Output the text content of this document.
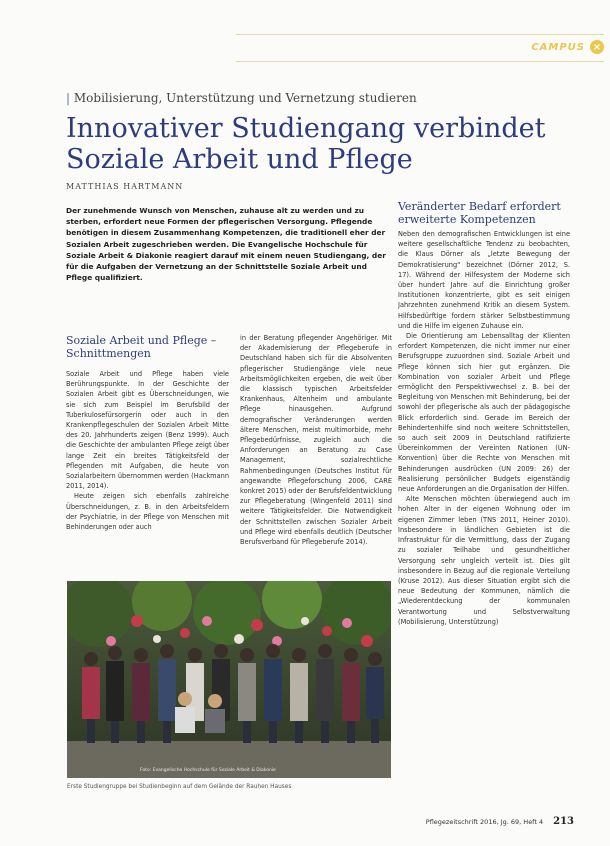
CAMPUS ×
| Mobilisierung, Unterstützung und Vernetzung studieren
Innovativer Studiengang verbindet Soziale Arbeit und Pflege
MATTHIAS HARTMANN

Der zunehmende Wunsch von Menschen, zuhause alt zu werden und zu sterben, erfordert neue Formen der pflegerischen Versorgung. Pflegende benötigen in diesem Zusammenhang Kompetenzen, die traditionell eher der Sozialen Arbeit zugeschrieben werden. Die Evangelische Hochschule für Soziale Arbeit & Diakonie reagiert darauf mit einem neuen Studiengang, der für die Aufgaben der Vernetzung an der Schnittstelle Soziale Arbeit und Pflege qualifiziert.

Soziale Arbeit und Pflege – Schnittmengen

Soziale Arbeit und Pflege haben viele Berührungspunkte. In der Geschichte der Sozialen Arbeit gibt es Überschneidungen, wie sie sich zum Beispiel im Berufsbild der Tuberkulosefürsorgerin oder auch in den Krankenpflegeschulen der Sozialen Arbeit Mitte des 20. Jahrhunderts zeigen (Benz 1999). Auch die Geschichte der ambulanten Pflege zeigt über lange Zeit ein breites Tätigkeitsfeld der Pflegenden mit Aufgaben, die heute von Sozialarbeitern übernommen werden (Hackmann 2011, 2014).

Heute zeigen sich ebenfalls zahlreiche Überschneidungen, z. B. in den Arbeitsfeldern der Psychiatrie, in der Pflege von Menschen mit Behinderungen oder auch

in der Beratung pflegender Angehöriger. Mit der Akademisierung der Pflegeberufe in Deutschland haben sich für die Absolventen pflegerischer Studiengänge viele neue Arbeitsmöglichkeiten ergeben, die weit über die klassisch typischen Arbeitsfelder Krankenhaus, Altenheim und ambulante Pflege hinausgehen. Aufgrund demografischer Veränderungen werden ältere Menschen, meist multimorbide, mehr Pflegebedürfnisse, zugleich auch die Anforderungen an Beratung zu Case Management, sozialrechtliche Rahmenbedingungen (Deutsches Institut für angewandte Pflegeforschung 2006, CARE konkret 2015) oder der Berufsfeldentwicklung zur Pflegeberatung (Wingenfeld 2011) sind weitere Tätigkeitsfelder. Die Notwendigkeit der Schnittstellen zwischen Sozialer Arbeit und Pflege wird ebenfalls deutlich (Deutscher Berufsverband für Pflegeberufe 2014).

Veränderter Bedarf erfordert erweiterte Kompetenzen

Neben den demografischen Entwicklungen ist eine weitere gesellschaftliche Tendenz zu beobachten, die Klaus Dörner als „letzte Bewegung der Demokratisierung“ bezeichnet (Dörner 2012, S. 17). Während der Hilfesystem der Moderne sich über hundert Jahre auf die Einrichtung großer Institutionen konzentrierte, gibt es seit einigen Jahrzehnten zunehmend Kritik an diesem System. Hilfsbedürftige fordern stärker Selbstbestimmung und die Hilfe im eigenen Zuhause ein.

Die Orientierung am Lebensalltag der Klienten erfordert Kompetenzen, die nicht immer nur einer Berufsgruppe zuzuordnen sind. Soziale Arbeit und Pflege können sich hier gut ergänzen. Die Kombination von sozialer Arbeit und Pflege ermöglicht den Perspektivwechsel z. B. bei der Begleitung von Menschen mit Behinderung, bei der sowohl der pflegerische als auch der pädagogische Blick erforderlich sind. Gerade im Bereich der Behindertenhilfe sind noch weitere Schnittstellen, so auch seit 2009 in Deutschland ratifizierte Übereinkommen der Vereinten Nationen (UN-Konvention) über die Rechte von Menschen mit Behinderungen ausdrücken (UN 2009: 26) der Realisierung persönlicher Budgets eigenständig neue Anforderungen an die Organisation der Hilfen.

Alte Menschen möchten überwiegend auch im hohen Alter in der eigenen Wohnung oder im eigenen Zimmer leben (TNS 2011, Heiner 2010). Insbesondere in ländlichen Gebieten ist die Infrastruktur für die Vermittlung, dass der Zugang zu sozialer Teilhabe und gesundheitlicher Versorgung sehr ungleich verteilt ist. Dies gilt insbesondere in Bezug auf die regionale Verteilung (Kruse 2012). Aus dieser Situation ergibt sich die neue Bedeutung der Kommunen, nämlich die „Wiederentdeckung der kommunalen Verantwortung und Selbstverwaltung (Mobilisierung, Unterstützung)

Foto: Evangelische Hochschule für Soziale Arbeit & Diakonie
Erste Studiengruppe bei Studienbeginn auf dem Gelände der Rauhen Hauses
Pflegezeitschrift 2016, Jg. 69, Heft 4 213
